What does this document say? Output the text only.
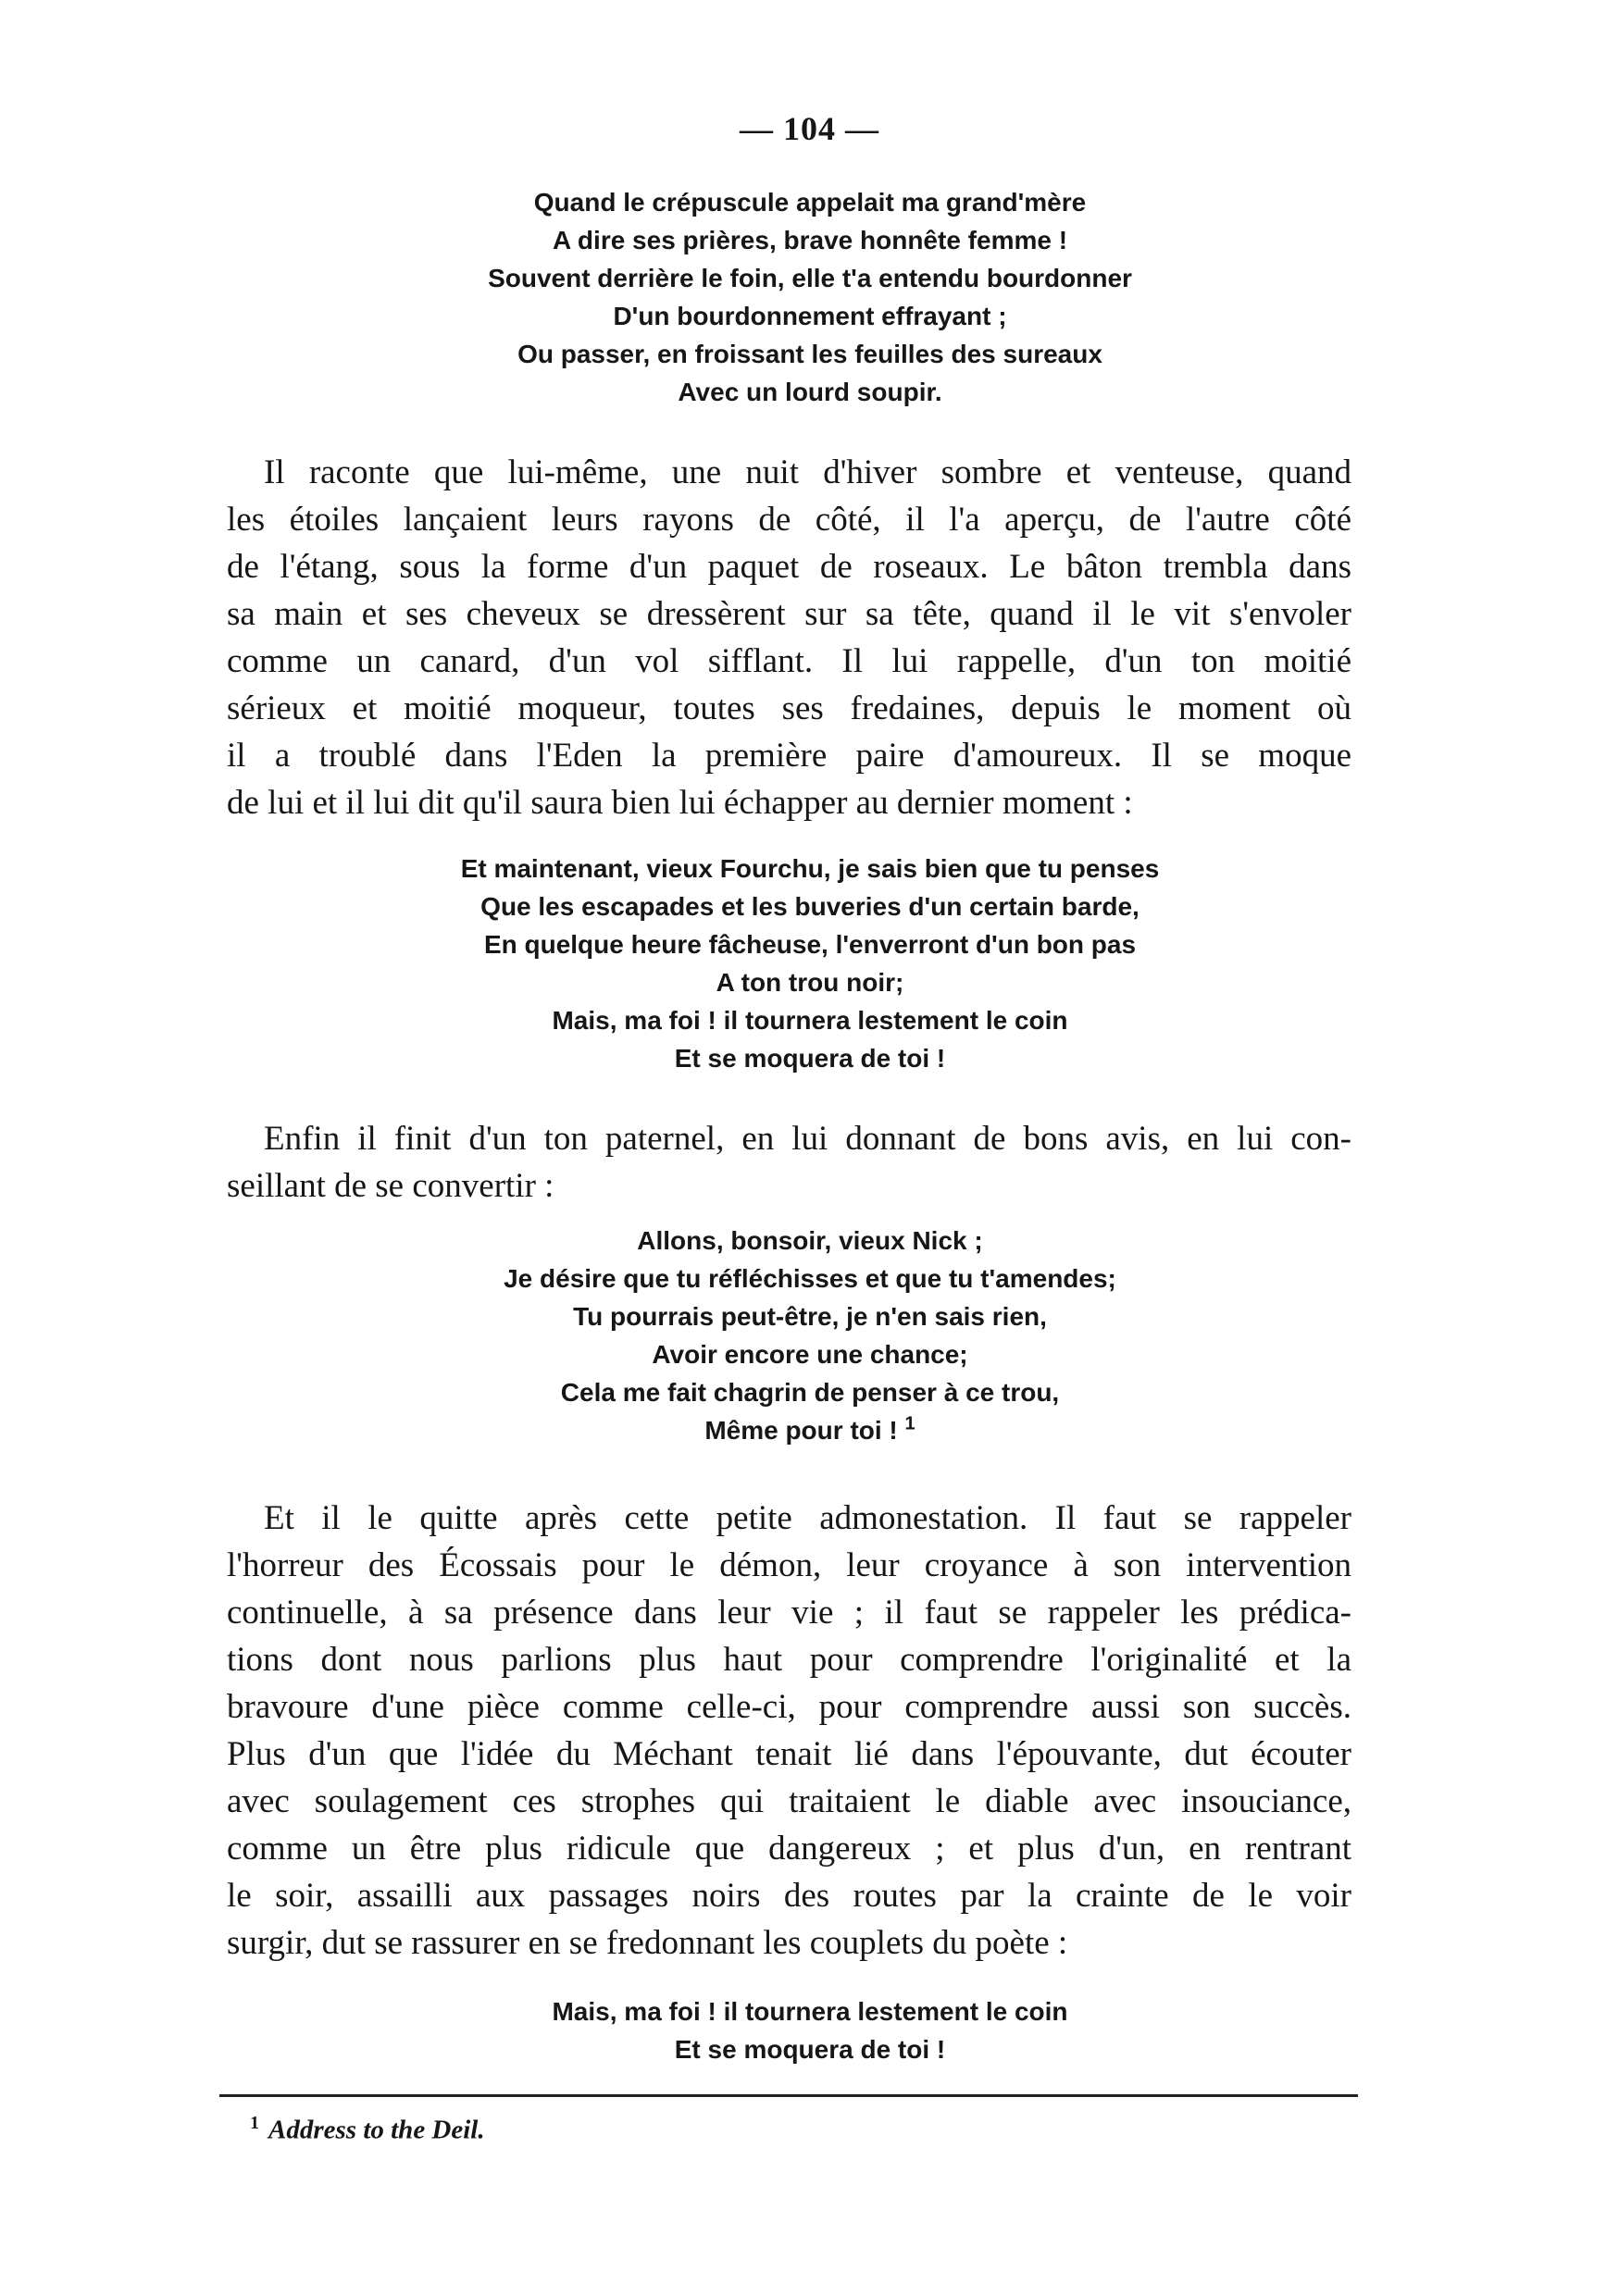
— 104 —
Quand le crépuscule appelait ma grand'mère
A dire ses prières, brave honnête femme !
Souvent derrière le foin, elle t'a entendu bourdonner
D'un bourdonnement effrayant ;
Ou passer, en froissant les feuilles des sureaux
Avec un lourd soupir.
Il raconte que lui-même, une nuit d'hiver sombre et venteuse, quand
les étoiles lançaient leurs rayons de côté, il l'a aperçu, de l'autre côté
de l'étang, sous la forme d'un paquet de roseaux. Le bâton trembla dans
sa main et ses cheveux se dressèrent sur sa tête, quand il le vit s'envoler
comme un canard, d'un vol sifflant. Il lui rappelle, d'un ton moitié
sérieux et moitié moqueur, toutes ses fredaines, depuis le moment où
il a troublé dans l'Eden la première paire d'amoureux. Il se moque
de lui et il lui dit qu'il saura bien lui échapper au dernier moment :
Et maintenant, vieux Fourchu, je sais bien que tu penses
Que les escapades et les buveries d'un certain barde,
En quelque heure fâcheuse, l'enverront d'un bon pas
A ton trou noir;
Mais, ma foi ! il tournera lestement le coin
Et se moquera de toi !
Enfin il finit d'un ton paternel, en lui donnant de bons avis, en lui con-
seillant de se convertir :
Allons, bonsoir, vieux Nick ;
Je désire que tu réfléchisses et que tu t'amendes;
Tu pourrais peut-être, je n'en sais rien,
Avoir encore une chance;
Cela me fait chagrin de penser à ce trou,
Même pour toi ! $^1$
Et il le quitte après cette petite admonestation. Il faut se rappeler
l'horreur des Écossais pour le démon, leur croyance à son intervention
continuelle, à sa présence dans leur vie ; il faut se rappeler les prédica-
tions dont nous parlions plus haut pour comprendre l'originalité et la
bravoure d'une pièce comme celle-ci, pour comprendre aussi son succès.
Plus d'un que l'idée du Méchant tenait lié dans l'épouvante, dut écouter
avec soulagement ces strophes qui traitaient le diable avec insouciance,
comme un être plus ridicule que dangereux ; et plus d'un, en rentrant
le soir, assailli aux passages noirs des routes par la crainte de le voir
surgir, dut se rassurer en se fredonnant les couplets du poète :
Mais, ma foi ! il tournera lestement le coin
Et se moquera de toi !
$^1$ Address to the Deil.
